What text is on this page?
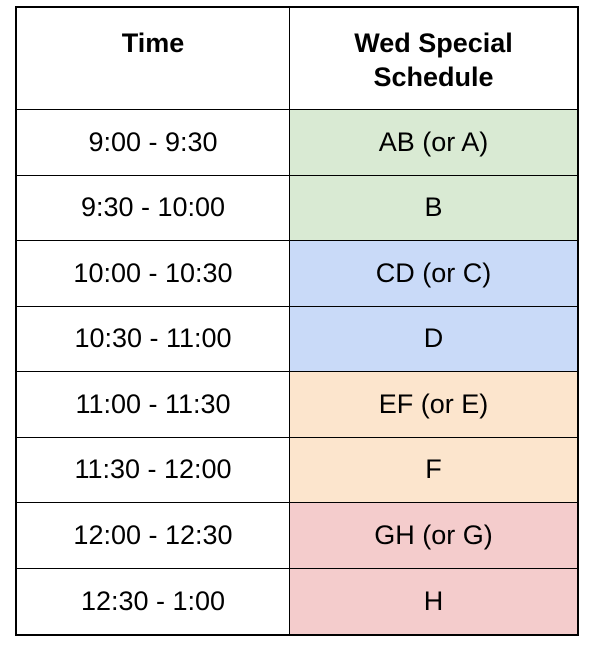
Time	Wed Special
Schedule
9:00 - 9:30	AB (or A)
9:30 - 10:00	B
10:00 - 10:30	CD (or C)
10:30 - 11:00	D
11:00 - 11:30	EF (or E)
11:30 - 12:00	F
12:00 - 12:30	GH (or G)
12:30 - 1:00	H
